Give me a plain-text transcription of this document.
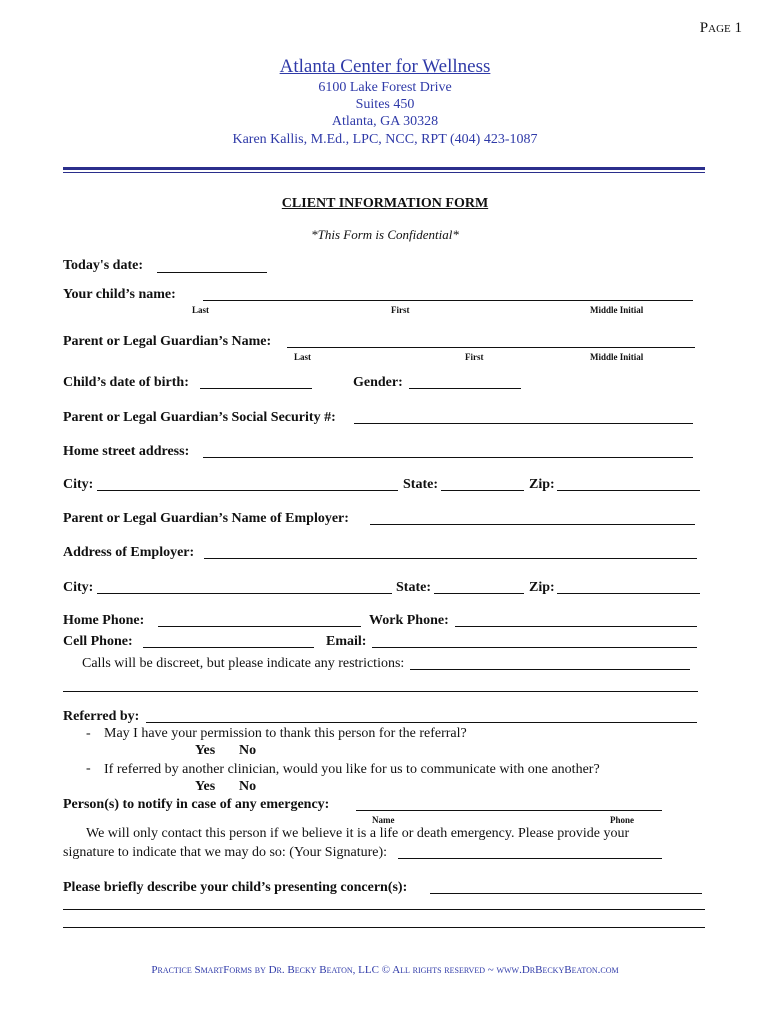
Page 1
Atlanta Center for Wellness
6100 Lake Forest Drive
Suites 450
Atlanta, GA 30328
Karen Kallis, M.Ed., LPC, NCC, RPT (404) 423-1087
CLIENT INFORMATION FORM
*This Form is Confidential*
Today's date:
Your child’s name:
Last	First	Middle Initial
Parent or Legal Guardian’s Name:
Last	First	Middle Initial
Child’s date of birth:	Gender:
Parent or Legal Guardian’s Social Security #:
Home street address:
City:	State:	Zip:
Parent or Legal Guardian’s Name of Employer:
Address of Employer:
City:	State:	Zip:
Home Phone:	Work Phone:
Cell Phone:	Email:
Calls will be discreet, but please indicate any restrictions:
Referred by:
- May I have your permission to thank this person for the referral?
Yes No
- If referred by another clinician, would you like for us to communicate with one another?
Yes No
Person(s) to notify in case of any emergency:
Name	Phone
We will only contact this person if we believe it is a life or death emergency. Please provide your
signature to indicate that we may do so: (Your Signature):
Please briefly describe your child’s presenting concern(s):
Practice SmartForms by Dr. Becky Beaton, LLC © All rights reserved ~ www.DrBeckyBeaton.com
